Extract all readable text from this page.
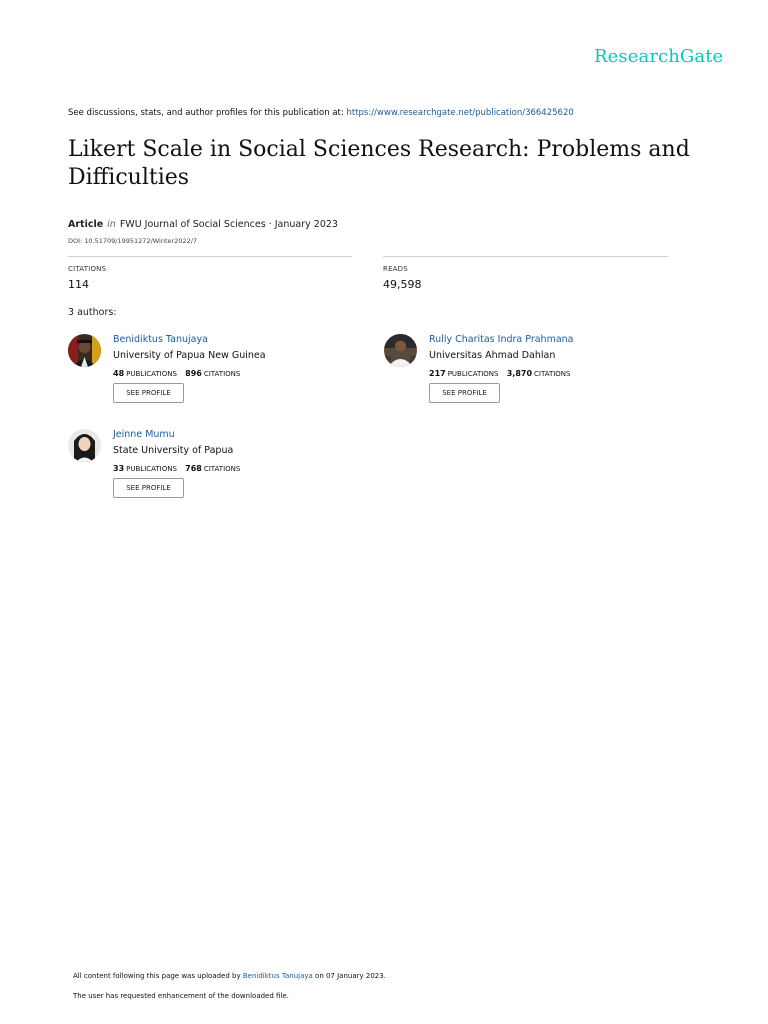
ResearchGate
See discussions, stats, and author profiles for this publication at: https://www.researchgate.net/publication/366425620
Likert Scale in Social Sciences Research: Problems and Difficulties
Article in FWU Journal of Social Sciences · January 2023
DOI: 10.51709/19951272/Winter2022/7
CITATIONS
114
READS
49,598
3 authors:
Benidiktus Tanujaya
University of Papua New Guinea
48 PUBLICATIONS 896 CITATIONS
SEE PROFILE
Rully Charitas Indra Prahmana
Universitas Ahmad Dahlan
217 PUBLICATIONS 3,870 CITATIONS
SEE PROFILE
Jeinne Mumu
State University of Papua
33 PUBLICATIONS 768 CITATIONS
SEE PROFILE
All content following this page was uploaded by Benidiktus Tanujaya on 07 January 2023.
The user has requested enhancement of the downloaded file.
